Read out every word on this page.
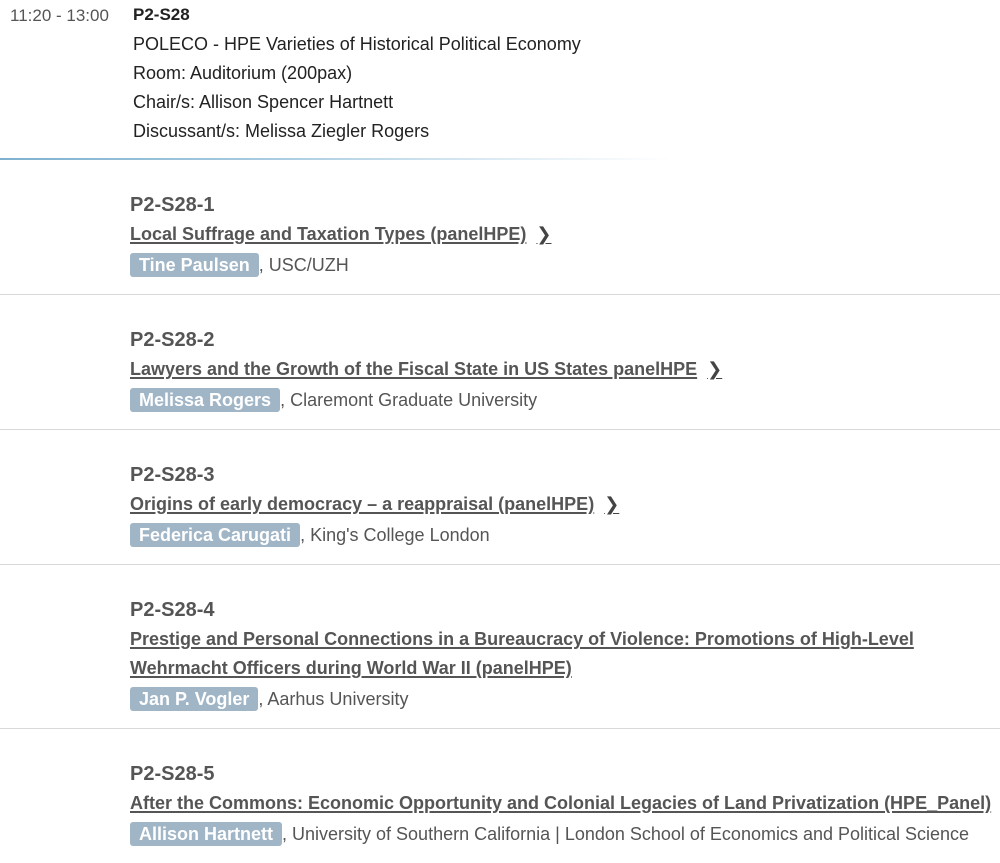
11:20 - 13:00 P2-S28
POLECO - HPE Varieties of Historical Political Economy
Room: Auditorium (200pax)
Chair/s: Allison Spencer Hartnett
Discussant/s: Melissa Ziegler Rogers
P2-S28-1
Local Suffrage and Taxation Types (panelHPE) ❯
Tine Paulsen , USC/UZH
P2-S28-2
Lawyers and the Growth of the Fiscal State in US States panelHPE ❯
Melissa Rogers , Claremont Graduate University
P2-S28-3
Origins of early democracy – a reappraisal (panelHPE) ❯
Federica Carugati , King's College London
P2-S28-4
Prestige and Personal Connections in a Bureaucracy of Violence: Promotions of High-Level Wehrmacht Officers during World War II (panelHPE)
Jan P. Vogler , Aarhus University
P2-S28-5
After the Commons: Economic Opportunity and Colonial Legacies of Land Privatization (HPE_Panel)
Allison Hartnett , University of Southern California | London School of Economics and Political Science
